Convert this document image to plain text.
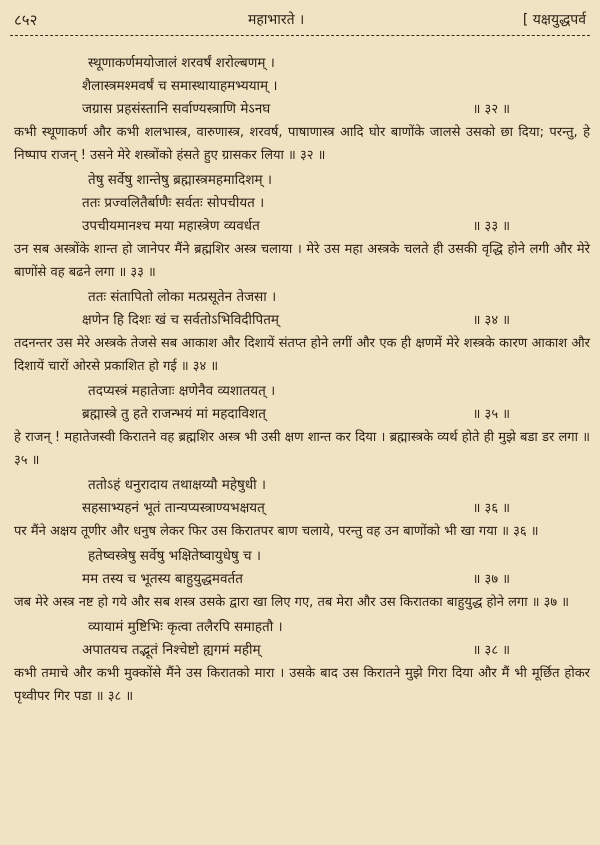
८५२	महाभारते ।	[ यक्षयुद्धपर्व
स्थूणाकर्णमयोजालं शरवर्षं शरोल्बणम् ।
शैलास्त्रमश्मवर्षं च समास्थायाहमभ्ययाम् ।
जग्रास प्रहसंस्तानि सर्वाण्यस्त्राणि मेऽनघ	॥ ३२ ॥

कभी स्थूणाकर्ण और कभी शलभास्त्र, वारुणास्त्र, शरवर्ष, पाषाणास्त्र आदि घोर बाणोंके जालसे उसको छा दिया; परन्तु, हे निष्पाप राजन् ! उसने मेरे शस्त्रोंको हंसते हुए ग्रासकर लिया ॥ ३२ ॥

तेषु सर्वेषु शान्तेषु ब्रह्मास्त्रमहमादिशम् ।
ततः प्रज्वलितैर्बाणैः सर्वतः सोपचीयत ।
उपचीयमानश्च मया महास्त्रेण व्यवर्धत	॥ ३३ ॥

उन सब अस्त्रोंके शान्त हो जानेपर मैंने ब्रह्मशिर अस्त्र चलाया । मेरे उस महा अस्त्रके चलते ही उसकी वृद्धि होने लगी और मेरे बाणोंसे वह बढने लगा ॥ ३३ ॥

ततः संतापितो लोका मत्प्रसूतेन तेजसा ।
क्षणेन हि दिशः खं च सर्वतोऽभिविदीपितम्	॥ ३४ ॥

तदनन्तर उस मेरे अस्त्रके तेजसे सब आकाश और दिशायें संतप्त होने लगीं और एक ही क्षणमें मेरे शस्त्रके कारण आकाश और दिशायें चारों ओरसे प्रकाशित हो गई ॥ ३४ ॥

तदप्यस्त्रं महातेजाः क्षणेनैव व्यशातयत् ।
ब्रह्मास्त्रे तु हते राजन्भयं मां महदाविशत्	॥ ३५ ॥

हे राजन् ! महातेजस्वी किरातने वह ब्रह्मशिर अस्त्र भी उसी क्षण शान्त कर दिया । ब्रह्मास्त्रके व्यर्थ होते ही मुझे बडा डर लगा ॥ ३५ ॥

ततोऽहं धनुरादाय तथाक्षय्यौ महेषुधी ।
सहसाभ्यहनं भूतं तान्यप्यस्त्राण्यभक्षयत्	॥ ३६ ॥

पर मैंने अक्षय तूणीर और धनुष लेकर फिर उस किरातपर बाण चलाये, परन्तु वह उन बाणोंको भी खा गया ॥ ३६ ॥

हतेष्वस्त्रेषु सर्वेषु भक्षितेष्वायुधेषु च ।
मम तस्य च भूतस्य बाहुयुद्धमवर्तत	॥ ३७ ॥

जब मेरे अस्त्र नष्ट हो गये और सब शस्त्र उसके द्वारा खा लिए गए, तब मेरा और उस किरातका बाहुयुद्ध होने लगा ॥ ३७ ॥

व्यायामं मुष्टिभिः कृत्वा तलैरपि समाहतौ ।
अपातयच तद्भूतं निश्चेष्टो ह्यगमं महीम्	॥ ३८ ॥

कभी तमाचे और कभी मुक्कोंसे मैंने उस किरातको मारा । उसके बाद उस किरातने मुझे गिरा दिया और मैं भी मूर्छित होकर पृथ्वीपर गिर पडा ॥ ३८ ॥
